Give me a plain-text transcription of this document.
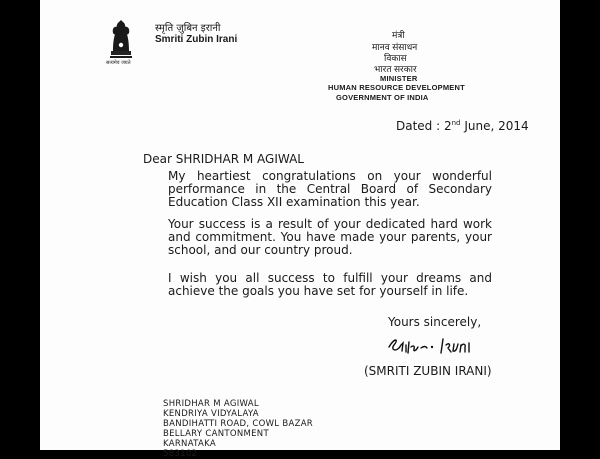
सत्यमेव जयते
स्मृति ज़ुबिन इरानी
Smriti Zubin Irani	मंत्री
मानव संसाधन
विकास
भारत सरकार
MINISTER
HUMAN RESOURCE DEVELOPMENT
GOVERNMENT OF INDIA
Dated : 2nd June, 2014
Dear SHRIDHAR M AGIWAL
My heartiest congratulations on your wonderful performance in the Central Board of Secondary Education Class XII examination this year.
Your success is a result of your dedicated hard work and commitment. You have made your parents, your school, and our country proud.
I wish you all success to fulfill your dreams and achieve the goals you have set for yourself in life.
Yours sincerely,
(SMRITI ZUBIN IRANI)
SHRIDHAR M AGIWAL
KENDRIYA VIDYALAYA
BANDIHATTI ROAD, COWL BAZAR
BELLARY CANTONMENT
KARNATAKA
583102
